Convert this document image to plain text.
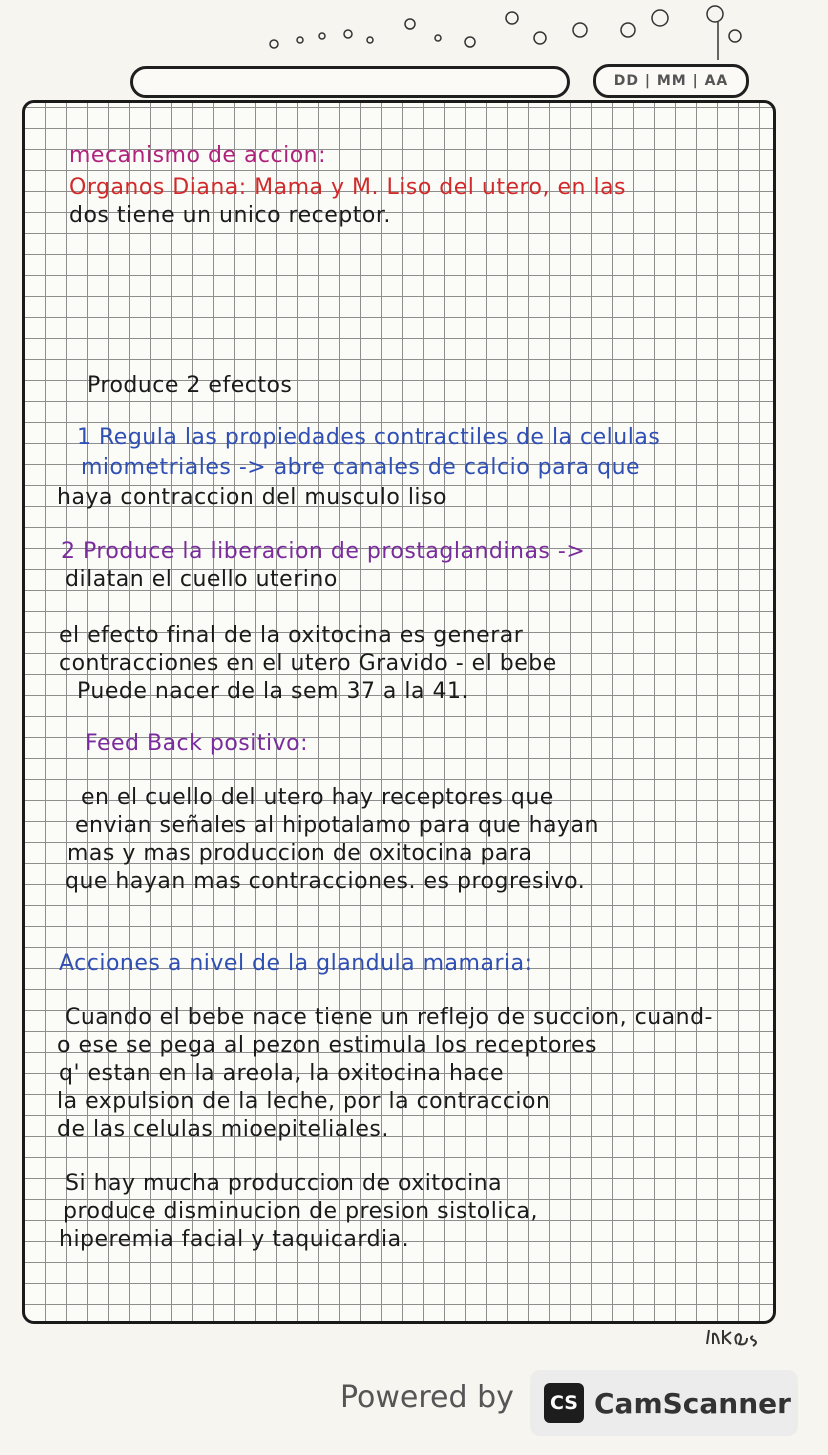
DD | MM | AA
mecanismo de accion:
Organos Diana: Mama y M. Liso del utero, en las
dos tiene un unico receptor.
Produce 2 efectos
1 Regula las propiedades contractiles de la celulas
miometriales -> abre canales de calcio para que
haya contraccion del musculo liso
2 Produce la liberacion de prostaglandinas ->
dilatan el cuello uterino
el efecto final de la oxitocina es generar
contracciones en el utero Gravido - el bebe
Puede nacer de la sem 37 a la 41.
Feed Back positivo:
en el cuello del utero hay receptores que
envian señales al hipotalamo para que hayan
mas y mas produccion de oxitocina para
que hayan mas contracciones. es progresivo.
Acciones a nivel de la glandula mamaria:
Cuando el bebe nace tiene un reflejo de succion, cuand-
o ese se pega al pezon estimula los receptores
q' estan en la areola, la oxitocina hace
la expulsion de la leche, por la contraccion
de las celulas mioepiteliales.
Si hay mucha produccion de oxitocina
produce disminucion de presion sistolica,
hiperemia facial y taquicardia.
Powered by	CS CamScanner
